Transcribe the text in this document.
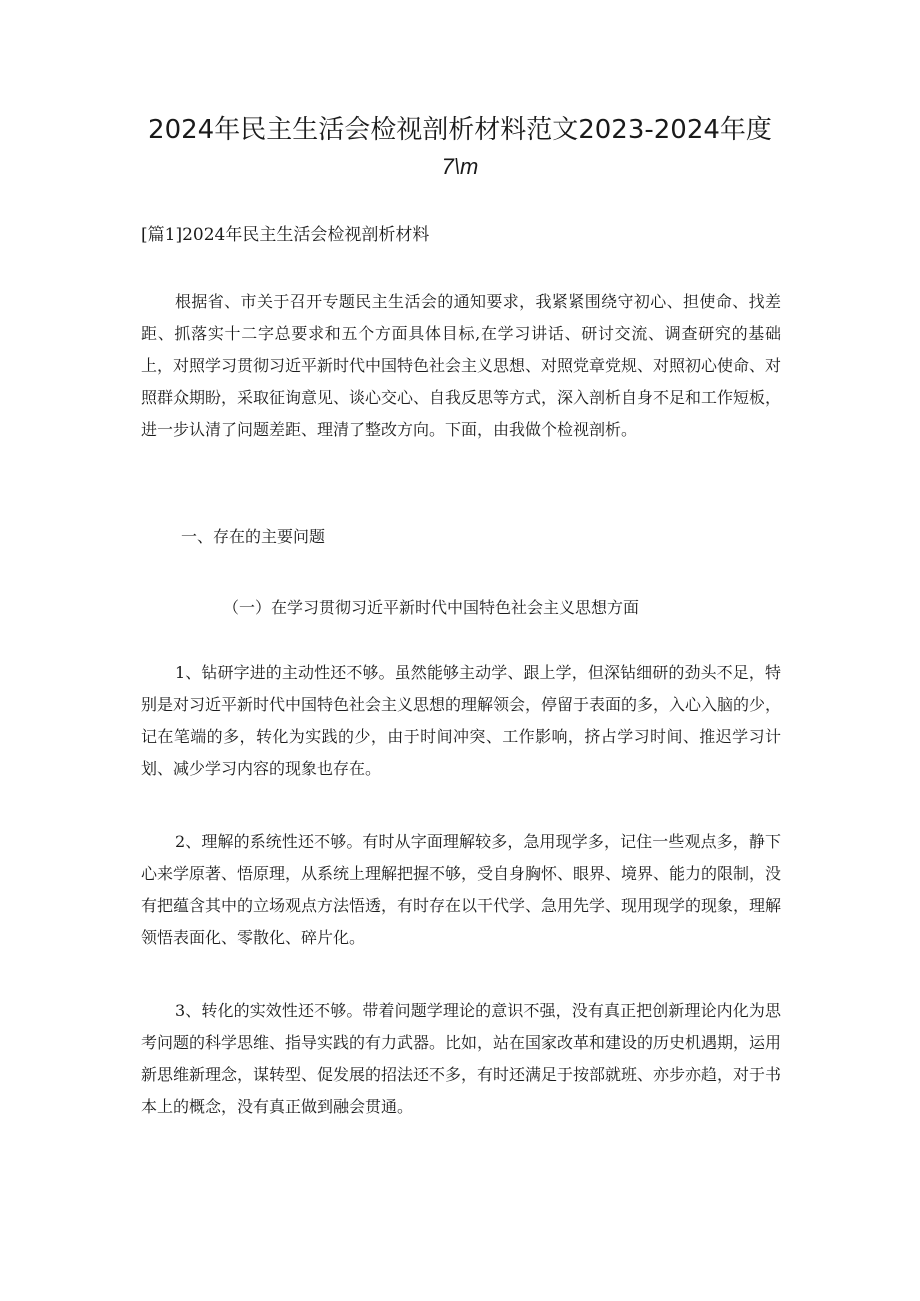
2024年民主生活会检视剖析材料范文2023-2024年度
7\m
[篇1]2024年民主生活会检视剖析材料

根据省、市关于召开专题民主生活会的通知要求，我紧紧围绕守初心、担使命、找差距、抓落实十二字总要求和五个方面具体目标,在学习讲话、研讨交流、调查研究的基础上，对照学习贯彻习近平新时代中国特色社会主义思想、对照党章党规、对照初心使命、对照群众期盼，采取征询意见、谈心交心、自我反思等方式，深入剖析自身不足和工作短板，进一步认清了问题差距、理清了整改方向。下面，由我做个检视剖析。

一、存在的主要问题
（一）在学习贯彻习近平新时代中国特色社会主义思想方面

1、钻研字进的主动性还不够。虽然能够主动学、跟上学，但深钻细研的劲头不足，特别是对习近平新时代中国特色社会主义思想的理解领会，停留于表面的多，入心入脑的少，记在笔端的多，转化为实践的少，由于时间冲突、工作影响，挤占学习时间、推迟学习计划、减少学习内容的现象也存在。

2、理解的系统性还不够。有时从字面理解较多，急用现学多，记住一些观点多，静下心来学原著、悟原理，从系统上理解把握不够，受自身胸怀、眼界、境界、能力的限制，没有把蕴含其中的立场观点方法悟透，有时存在以干代学、急用先学、现用现学的现象，理解领悟表面化、零散化、碎片化。

3、转化的实效性还不够。带着问题学理论的意识不强，没有真正把创新理论内化为思考问题的科学思维、指导实践的有力武器。比如，站在国家改革和建设的历史机遇期，运用新思维新理念，谋转型、促发展的招法还不多，有时还满足于按部就班、亦步亦趋，对于书本上的概念，没有真正做到融会贯通。
